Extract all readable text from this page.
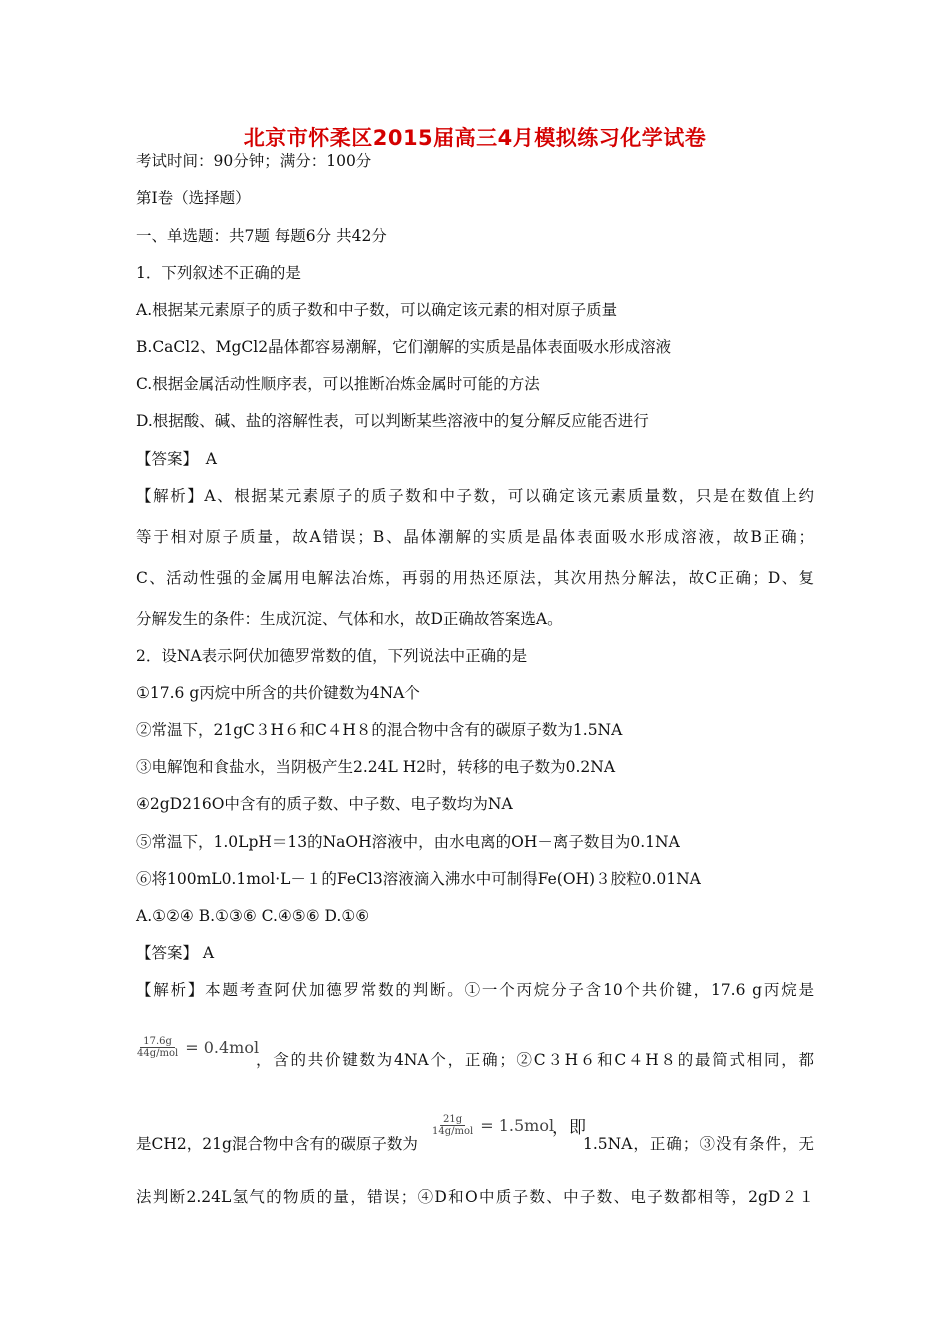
北京市怀柔区2015届高三4月模拟练习化学试卷
考试时间：90分钟；满分：100分
第I卷（选择题）
一、单选题：共7题 每题6分 共42分
1．下列叙述不正确的是
A.根据某元素原子的质子数和中子数，可以确定该元素的相对原子质量
B.CaCl2、MgCl2晶体都容易潮解，它们潮解的实质是晶体表面吸水形成溶液
C.根据金属活动性顺序表，可以推断冶炼金属时可能的方法
D.根据酸、碱、盐的溶解性表，可以判断某些溶液中的复分解反应能否进行
【答案】　A
【解析】A、根据某元素原子的质子数和中子数，可以确定该元素质量数，只是在数值上约
等于相对原子质量，故A错误；B、晶体潮解的实质是晶体表面吸水形成溶液，故B正确；
C、活动性强的金属用电解法冶炼，再弱的用热还原法，其次用热分解法，故C正确；D、复
分解发生的条件：生成沉淀、气体和水，故D正确故答案选A。
2．设NA表示阿伏加德罗常数的值，下列说法中正确的是
①17.6 g丙烷中所含的共价键数为4NA个
②常温下，21gC３H６和C４H８的混合物中含有的碳原子数为1.5NA
③电解饱和食盐水，当阴极产生2.24L H2时，转移的电子数为0.2NA
④2gD216O中含有的质子数、中子数、电子数均为NA
⑤常温下，1.0LpH＝13的NaOH溶液中，由水电离的OH－离子数目为0.1NA
⑥将100mL0.1mol·L－１的FeCl3溶液滴入沸水中可制得Fe(OH)３胶粒0.01NA
A.①②④ B.①③⑥ C.④⑤⑥ D.①⑥
【答案】 A
【解析】本题考查阿伏加德罗常数的判断。①一个丙烷分子含10个共价键，17.6 g丙烷是
$\frac{17.6g}{\text{44g/mol}} = 0.4mol$
，含的共价键数为4NA个，正确；②C３H６和C４H８的最简式相同，都
是CH2，21g混合物中含有的碳原子数为
$\frac{21g}{\text{14g/mol}} = 1.5mol$
，即
1.5NA，正确；③没有条件，无
法判断2.24L氢气的物质的量，错误；④D和O中质子数、中子数、电子数都相等，2gD２１
